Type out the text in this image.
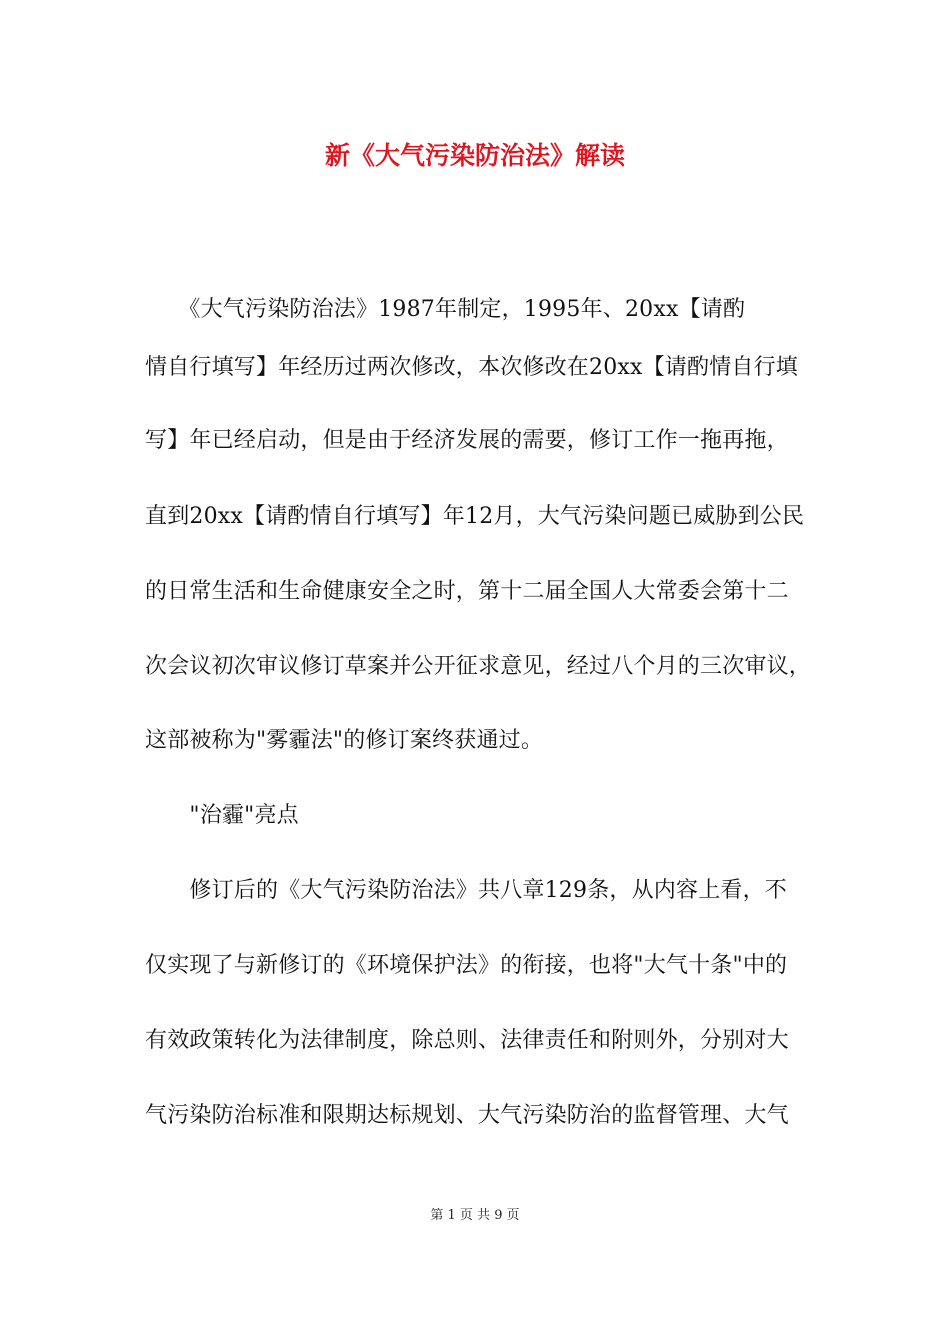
新《大气污染防治法》解读
　　《大气污染防治法》1987年制定，1995年、20xx【请酌
情自行填写】年经历过两次修改，本次修改在20xx【请酌情自行填
写】年已经启动，但是由于经济发展的需要，修订工作一拖再拖，
直到20xx【请酌情自行填写】年12月，大气污染问题已威胁到公民
的日常生活和生命健康安全之时，第十二届全国人大常委会第十二
次会议初次审议修订草案并公开征求意见，经过八个月的三次审议，
这部被称为"雾霾法"的修订案终获通过。
　　"治霾"亮点
　　修订后的《大气污染防治法》共八章129条，从内容上看，不
仅实现了与新修订的《环境保护法》的衔接，也将"大气十条"中的
有效政策转化为法律制度，除总则、法律责任和附则外，分别对大
气污染防治标准和限期达标规划、大气污染防治的监督管理、大气
第 1 页 共 9 页
